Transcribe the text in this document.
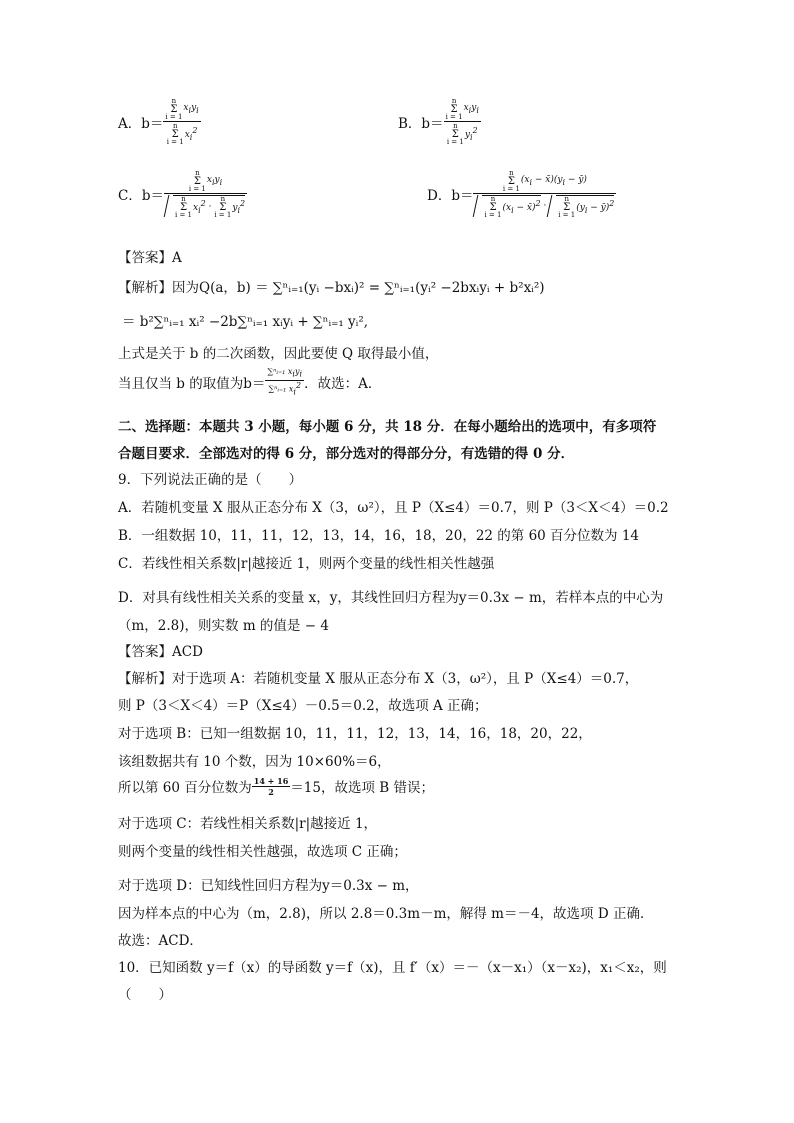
A．b＝ n
Σ
i = 1
$x_iy_i$
n
Σ
i = 1
$x_i^2$	B．b＝ n
Σ
i = 1
$x_iy_i$
n
Σ
i = 1
$y_i^2$
C．b＝ n
Σ
i = 1
$x_iy_i$
n
Σ
i = 1
$x_i^2$ ·
n
Σ
i = 1
$y_i^2$	D．b＝ n
Σ
i = 1
($x_i$ − $x̄)(y_i$ − ȳ)
n
Σ
i = 1
($x_i$ − x̄)$^2$ ·
n
Σ
i = 1
($y_i$ − ȳ)$^2$
【答案】A
【解析】因为Q(a，b) ＝ ∑ⁿᵢ₌₁(yᵢ −bxᵢ)² = ∑ⁿᵢ₌₁(yᵢ² −2bxᵢyᵢ + b²xᵢ²)
＝ b²∑ⁿᵢ₌₁ xᵢ² −2b∑ⁿᵢ₌₁ xᵢyᵢ + ∑ⁿᵢ₌₁ yᵢ²,
上式是关于 b 的二次函数，因此要使 Q 取得最小值，
当且仅当 b 的取值为$b= \frac{\sum^nᵢ_{=1} x_iy_i}{\sum^nᵢ_{=1} x_i^2}$ ．故选：A．
二、选择题：本题共 3 小题，每小题 6 分，共 18 分．在每小题给出的选项中，有多项符
合题目要求．全部选对的得 6 分，部分选对的得部分分，有选错的得 0 分．
9．下列说法正确的是（　　）
A．若随机变量 X 服从正态分布 X（3，ω²），且 P（X≤4）＝0.7，则 P（3＜X＜4）＝0.2
B．一组数据 10，11，11，12，13，14，16，18，20，22 的第 60 百分位数为 14
C．若线性相关系数|r|越接近 1，则两个变量的线性相关性越强
D．对具有线性相关关系的变量 x，y，其线性回归方程为y＝0.3x − m，若样本点的中心为
（m，2.8)，则实数 m 的值是 − 4
【答案】ACD
【解析】对于选项 A：若随机变量 X 服从正态分布 X（3，ω²），且 P（X≤4）＝0.7，
则 P（3＜X＜4）＝P（X≤4）－0.5＝0.2，故选项 A 正确；
对于选项 B：已知一组数据 10，11，11，12，13，14，16，18，20，22，
该组数据共有 10 个数，因为 10×60%＝6，
所以第 60 百分位数为 $\frac{14 + 16}{2} =15$，故选项 B 错误；
对于选项 C：若线性相关系数|r|越接近 1，
则两个变量的线性相关性越强，故选项 C 正确；
对于选项 D：已知线性回归方程为y＝0.3x − m，
因为样本点的中心为（m，2.8)，所以 2.8＝0.3m－m，解得 m＝－4，故选项 D 正确．
故选：ACD．
10．已知函数 y＝f（x）的导函数 y＝f（x)，且 f′（x）＝－（x－x₁）（x－x₂)，x₁＜x₂，则
（　　）
